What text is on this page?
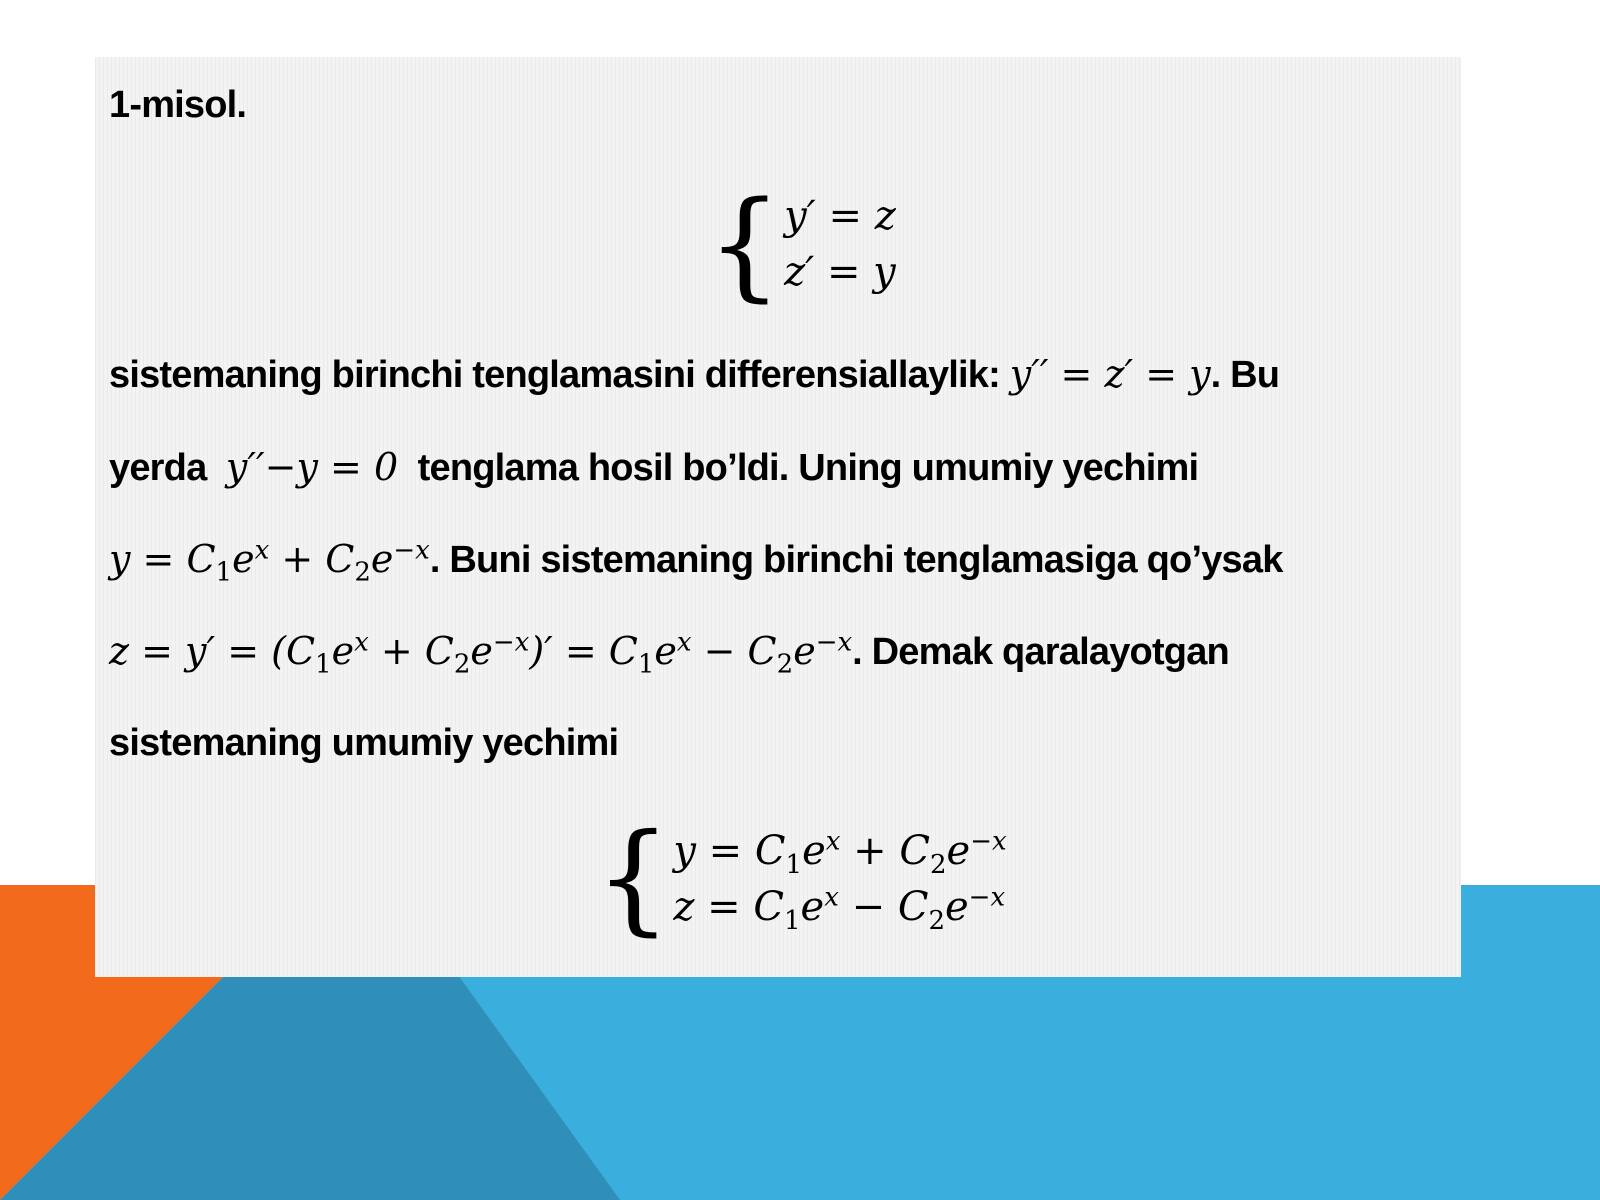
1-misol.
{ y′ = z
z′ = y
sistemaning birinchi tenglamasini differensiallaylik: y′′ = z′ = y. Bu
yerda y′′−y = 0 tenglama hosil bo’ldi. Uning umumiy yechimi
$y = C_1e^x + C_2e^{-x}$. Buni sistemaning birinchi tenglamasiga qo’ysak
$z = y' = (C_1e^x + C_2e^{-x})' = C_1e^x - C_2e^{-x}$. Demak qaralayotgan
sistemaning umumiy yechimi
{ $y = C_1e^x + C_2e^{-x}$
$z = C_1e^x - C_2e^{-x}$
